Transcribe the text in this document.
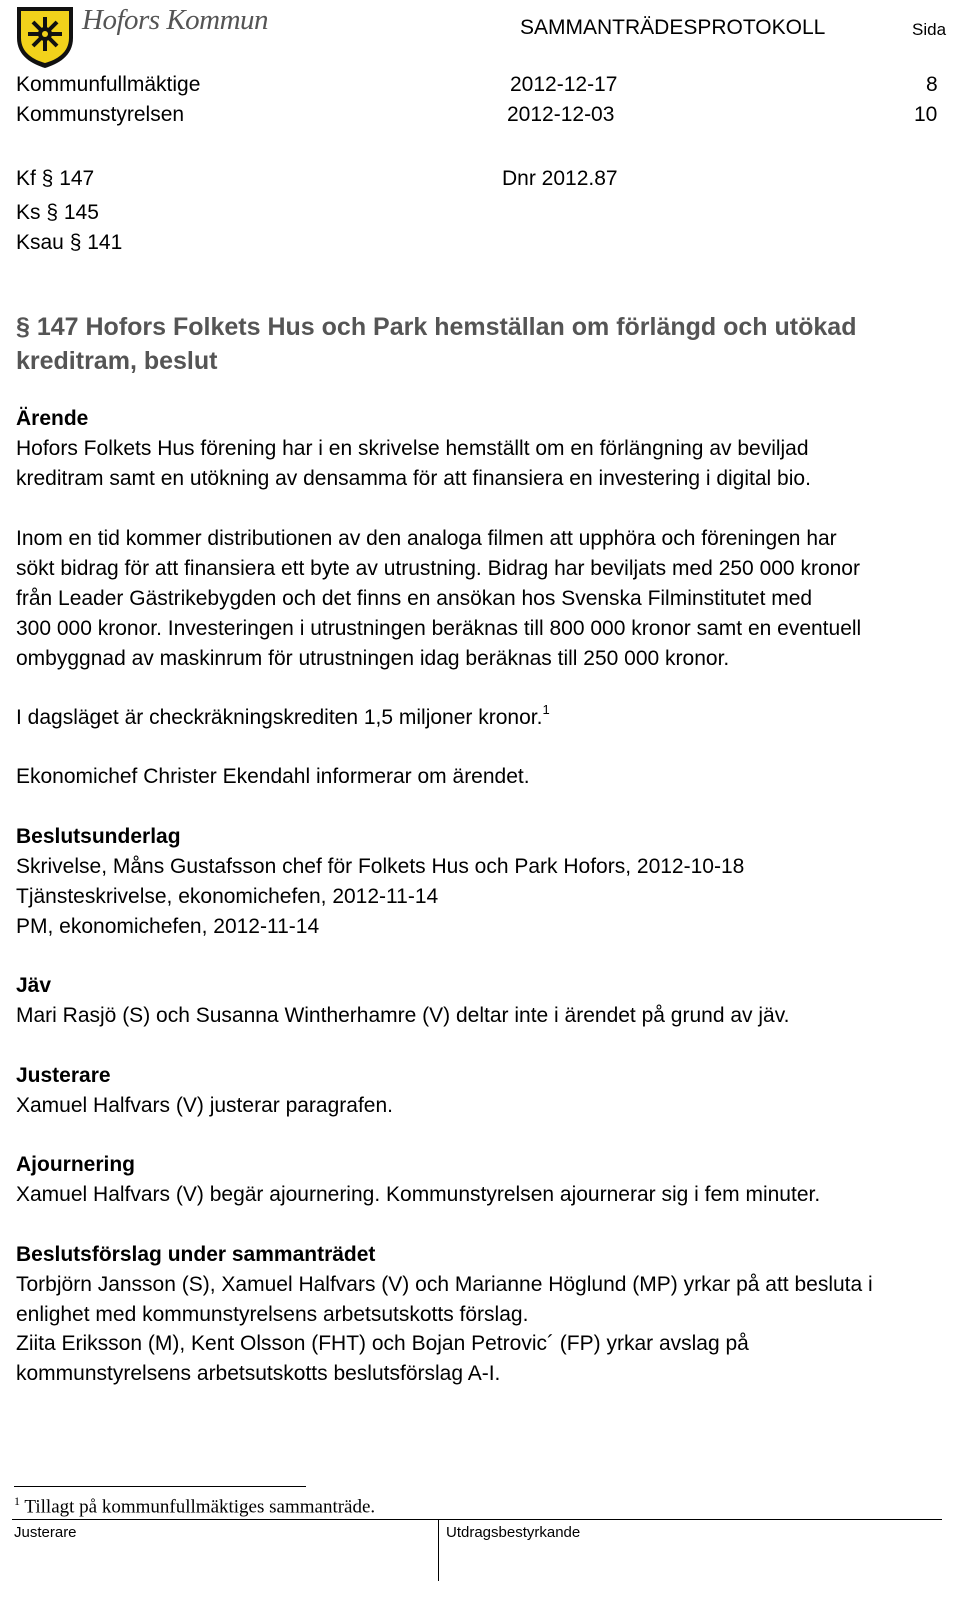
Hofors Kommun	SAMMANTRÄDESPROTOKOLL	Sida
Kommunfullmäktige	2012-12-17	8
Kommunstyrelsen	2012-12-03	10
Kf § 147	Dnr 2012.87
Ks § 145
Ksau § 141
§ 147 Hofors Folkets Hus och Park hemställan om förlängd och utökad kreditram, beslut
Ärende
Hofors Folkets Hus förening har i en skrivelse hemställt om en förlängning av beviljad
kreditram samt en utökning av densamma för att finansiera en investering i digital bio.
Inom en tid kommer distributionen av den analoga filmen att upphöra och föreningen har
sökt bidrag för att finansiera ett byte av utrustning. Bidrag har beviljats med 250 000 kronor
från Leader Gästrikebygden och det finns en ansökan hos Svenska Filminstitutet med
300 000 kronor. Investeringen i utrustningen beräknas till 800 000 kronor samt en eventuell
ombyggnad av maskinrum för utrustningen idag beräknas till 250 000 kronor.
I dagsläget är checkräkningskrediten 1,5 miljoner kronor.$^1$
Ekonomichef Christer Ekendahl informerar om ärendet.
Beslutsunderlag
Skrivelse, Måns Gustafsson chef för Folkets Hus och Park Hofors, 2012-10-18
Tjänsteskrivelse, ekonomichefen, 2012-11-14
PM, ekonomichefen, 2012-11-14
Jäv
Mari Rasjö (S) och Susanna Wintherhamre (V) deltar inte i ärendet på grund av jäv.
Justerare
Xamuel Halfvars (V) justerar paragrafen.
Ajournering
Xamuel Halfvars (V) begär ajournering. Kommunstyrelsen ajournerar sig i fem minuter.
Beslutsförslag under sammanträdet
Torbjörn Jansson (S), Xamuel Halfvars (V) och Marianne Höglund (MP) yrkar på att besluta i
enlighet med kommunstyrelsens arbetsutskotts förslag.
Ziita Eriksson (M), Kent Olsson (FHT) och Bojan Petrovic´ (FP) yrkar avslag på
kommunstyrelsens arbetsutskotts beslutsförslag A-I.
$^1$ Tillagt på kommunfullmäktiges sammanträde.
Justerare	Utdragsbestyrkande
